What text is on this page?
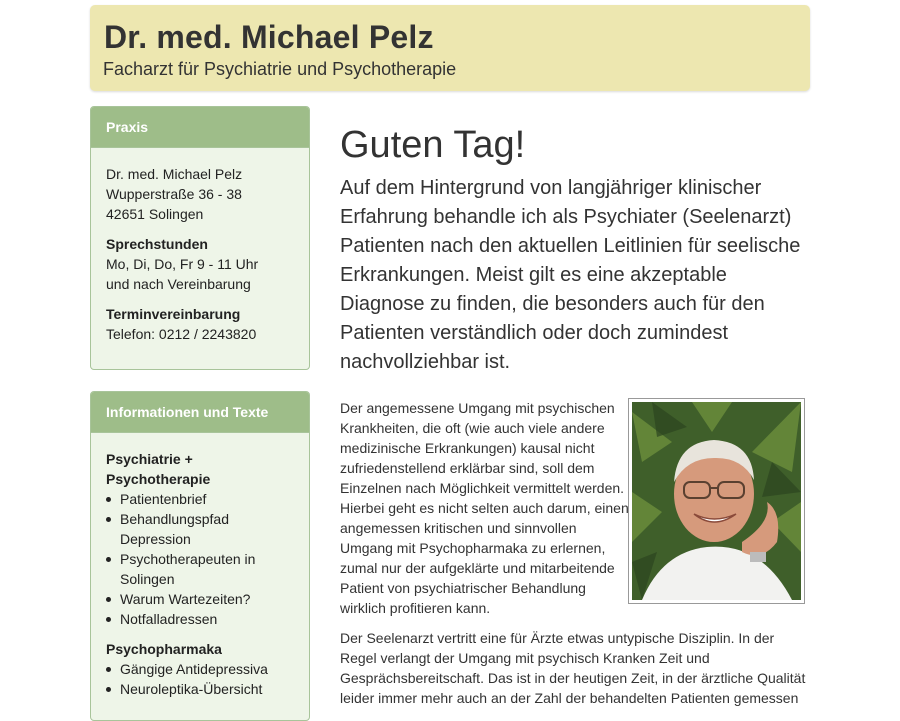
Dr. med. Michael Pelz
Facharzt für Psychiatrie und Psychotherapie
Praxis
Dr. med. Michael Pelz
Wupperstraße 36 - 38
42651 Solingen
Sprechstunden
Mo, Di, Do, Fr 9 - 11 Uhr
und nach Vereinbarung
Terminvereinbarung
Telefon: 0212 / 2243820
Informationen und Texte
Psychiatrie + Psychotherapie
Patientenbrief
Behandlungspfad Depression
Psychotherapeuten in Solingen
Warum Wartezeiten?
Notfalladressen
Psychopharmaka
Gängige Antidepressiva
Neuroleptika-Übersicht
Guten Tag!

Auf dem Hintergrund von langjähriger klinischer Erfahrung behandle ich als Psychiater (Seelenarzt) Patienten nach den aktuellen Leitlinien für seelische Erkrankungen. Meist gilt es eine akzeptable Diagnose zu finden, die besonders auch für den Patienten verständlich oder doch zumindest nachvollziehbar ist.

Der angemessene Umgang mit psychischen Krankheiten, die oft (wie auch viele andere medizinische Erkrankungen) kausal nicht zufriedenstellend erklärbar sind, soll dem Einzelnen nach Möglichkeit vermittelt werden. Hierbei geht es nicht selten auch darum, einen angemessen kritischen und sinnvollen Umgang mit Psychopharmaka zu erlernen, zumal nur der aufgeklärte und mitarbeitende Patient von psychiatrischer Behandlung wirklich profitieren kann.

Der Seelenarzt vertritt eine für Ärzte etwas untypische Disziplin. In der Regel verlangt der Umgang mit psychisch Kranken Zeit und Gesprächsbereitschaft. Das ist in der heutigen Zeit, in der ärztliche Qualität leider immer mehr auch an der Zahl der behandelten Patienten gemessen
